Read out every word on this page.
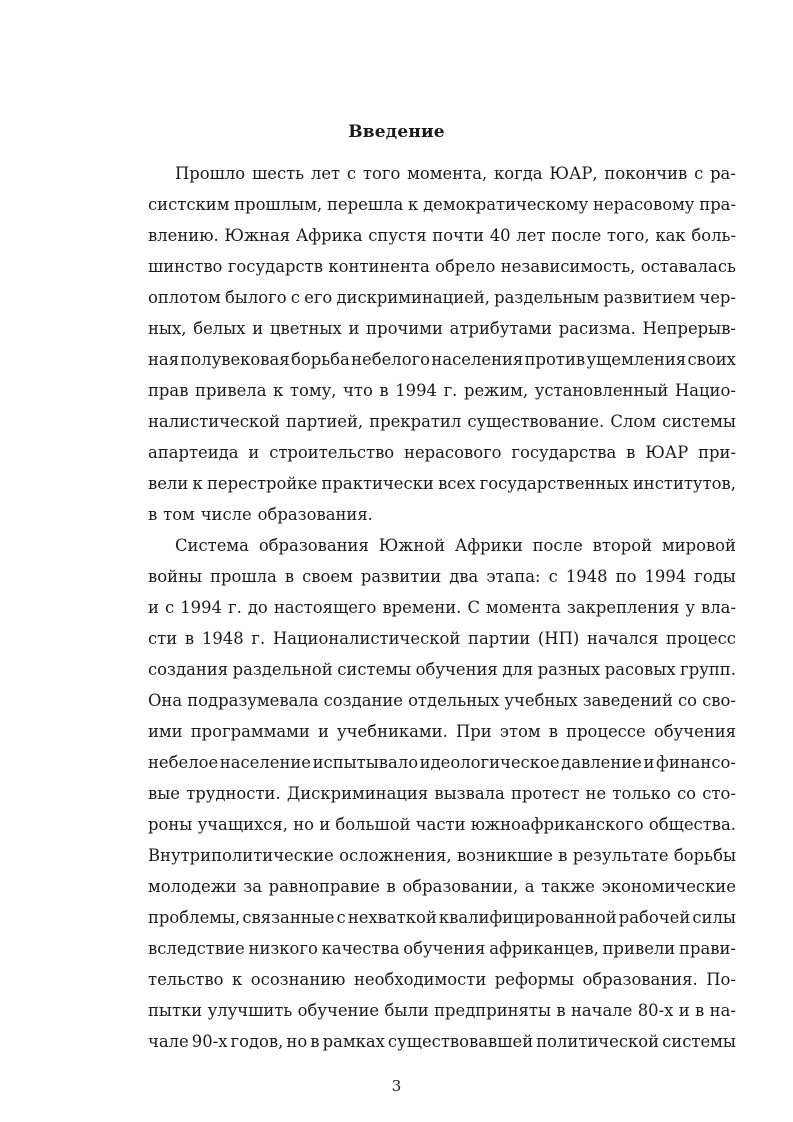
Введение
Прошло шесть лет с того момента, когда ЮАР, покончив с ра-
систским прошлым, перешла к демократическому нерасовому пра-
влению. Южная Африка спустя почти 40 лет после того, как боль-
шинство государств континента обрело независимость, оставалась
оплотом былого с его дискриминацией, раздельным развитием чер-
ных, белых и цветных и прочими атрибутами расизма. Непрерыв-
ная полувековая борьба небелого населения против ущемления своих
прав привела к тому, что в 1994 г. режим, установленный Нацио-
налистической партией, прекратил существование. Слом системы
апартеида и строительство нерасового государства в ЮАР при-
вели к перестройке практически всех государственных институтов,
в том числе образования.
Система образования Южной Африки после второй мировой
войны прошла в своем развитии два этапа: с 1948 по 1994 годы
и с 1994 г. до настоящего времени. С момента закрепления у вла-
сти в 1948 г. Националистической партии (НП) начался процесс
создания раздельной системы обучения для разных расовых групп.
Она подразумевала создание отдельных учебных заведений со сво-
ими программами и учебниками. При этом в процессе обучения
небелое население испытывало идеологическое давление и финансо-
вые трудности. Дискриминация вызвала протест не только со сто-
роны учащихся, но и большой части южноафриканского общества.
Внутриполитические осложнения, возникшие в результате борьбы
молодежи за равноправие в образовании, а также экономические
проблемы, связанные с нехваткой квалифицированной рабочей силы
вследствие низкого качества обучения африканцев, привели прави-
тельство к осознанию необходимости реформы образования. По-
пытки улучшить обучение были предприняты в начале 80-х и в на-
чале 90-х годов, но в рамках существовавшей политической системы
3
